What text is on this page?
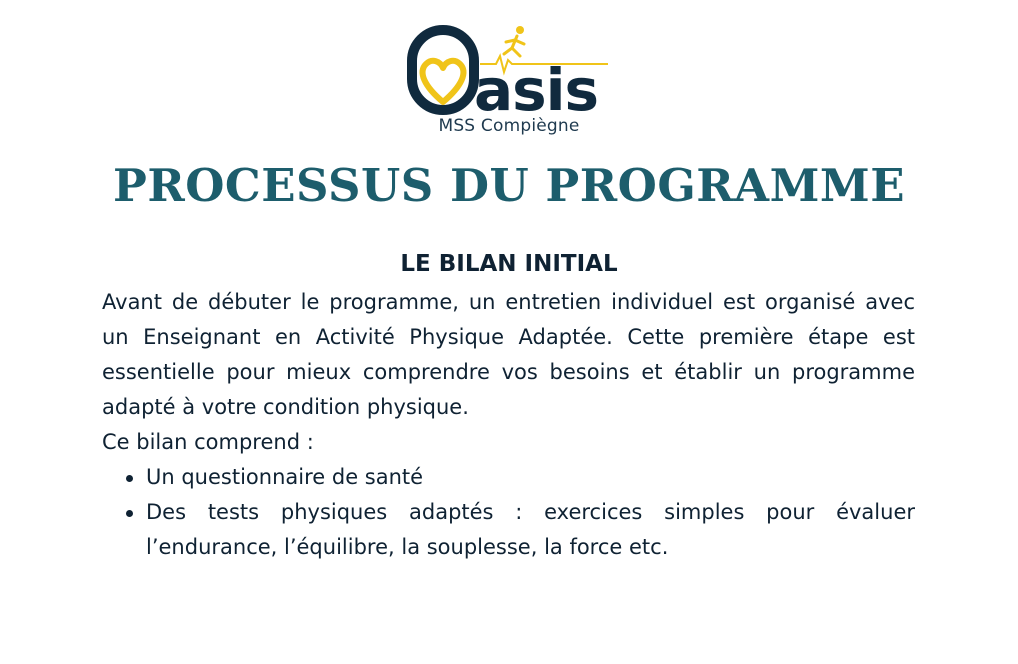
asis
MSS Compiègne
PROCESSUS DU PROGRAMME
LE BILAN INITIAL

Avant de débuter le programme, un entretien individuel est organisé avec un Enseignant en Activité Physique Adaptée. Cette première étape est essentielle pour mieux comprendre vos besoins et établir un programme adapté à votre condition physique.

Ce bilan comprend :

Un questionnaire de santé
Des tests physiques adaptés : exercices simples pour évaluer l’endurance, l’équilibre, la souplesse, la force etc.
